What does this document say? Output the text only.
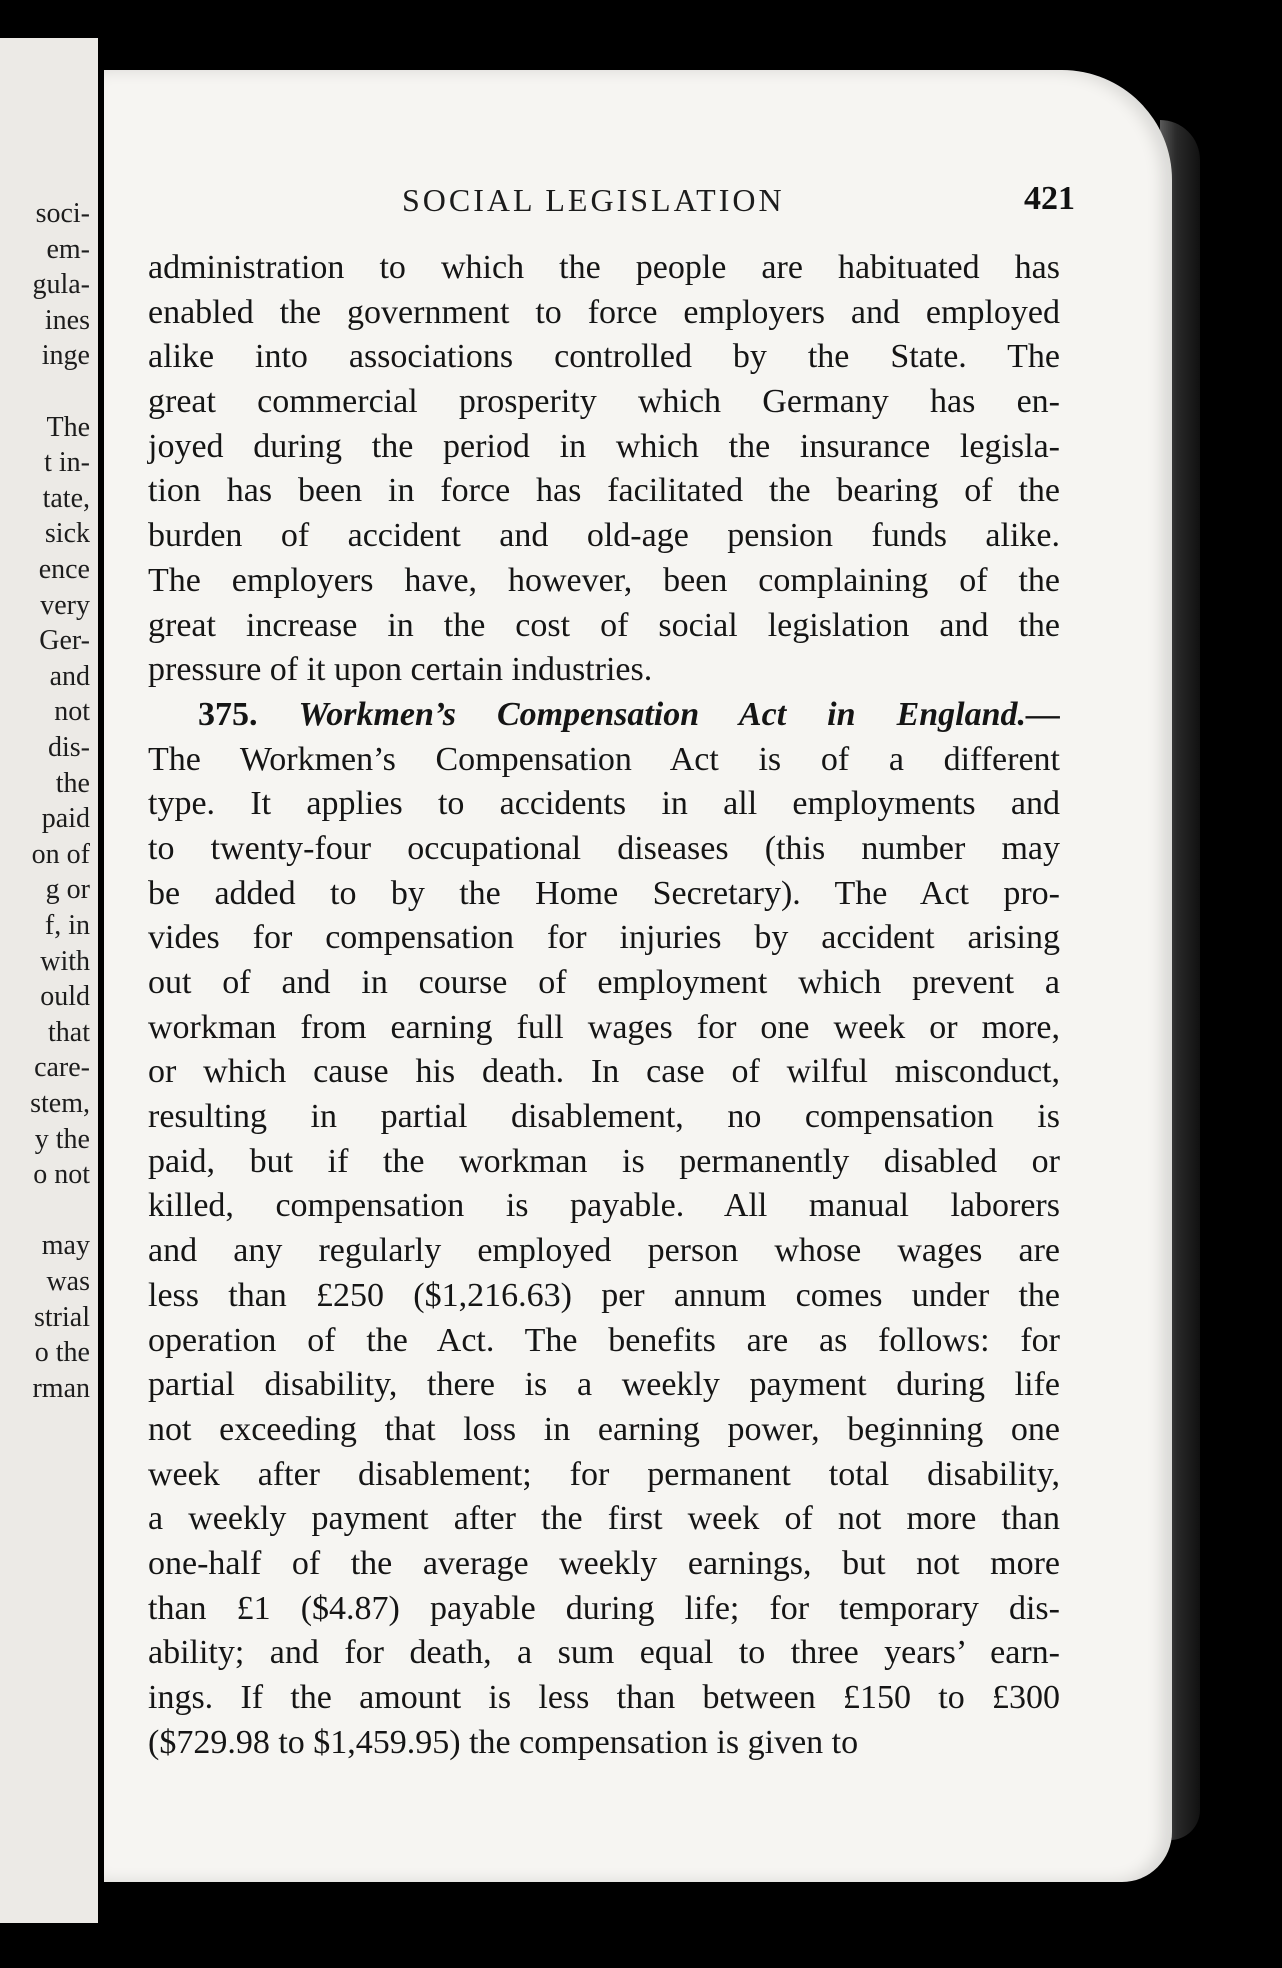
soci-
em-
gula-
ines
inge
The
t in-
tate,
sick
ence
very
Ger-
and
not
dis-
the
paid
on of
g or
f, in
with
ould
that
care-
stem,
y the
o not
may
was
strial
o the
rman
SOCIAL LEGISLATION	421
administration to which the people are habituated has
enabled the government to force employers and employed
alike into associations controlled by the State. The
great commercial prosperity which Germany has en-
joyed during the period in which the insurance legisla-
tion has been in force has facilitated the bearing of the
burden of accident and old-age pension funds alike.
The employers have, however, been complaining of the
great increase in the cost of social legislation and the
pressure of it upon certain industries.
375. Workmen’s Compensation Act in England.—
The Workmen’s Compensation Act is of a different
type. It applies to accidents in all employments and
to twenty-four occupational diseases (this number may
be added to by the Home Secretary). The Act pro-
vides for compensation for injuries by accident arising
out of and in course of employment which prevent a
workman from earning full wages for one week or more,
or which cause his death. In case of wilful misconduct,
resulting in partial disablement, no compensation is
paid, but if the workman is permanently disabled or
killed, compensation is payable. All manual laborers
and any regularly employed person whose wages are
less than £250 ($1,216.63) per annum comes under the
operation of the Act. The benefits are as follows: for
partial disability, there is a weekly payment during life
not exceeding that loss in earning power, beginning one
week after disablement; for permanent total disability,
a weekly payment after the first week of not more than
one-half of the average weekly earnings, but not more
than £1 ($4.87) payable during life; for temporary dis-
ability; and for death, a sum equal to three years’ earn-
ings. If the amount is less than between £150 to £300
($729.98 to $1,459.95) the compensation is given to
